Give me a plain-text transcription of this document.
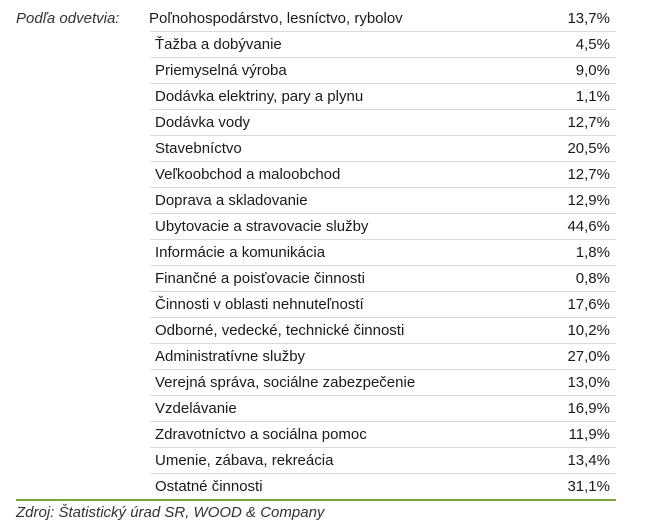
Podľa odvetvia: Poľnohospodárstvo, lesníctvo, rybolov	13,7%
Ťažba a dobývanie	4,5%
Priemyselná výroba	9,0%
Dodávka elektriny, pary a plynu	1,1%
Dodávka vody	12,7%
Stavebníctvo	20,5%
Veľkoobchod a maloobchod	12,7%
Doprava a skladovanie	12,9%
Ubytovacie a stravovacie služby	44,6%
Informácie a komunikácia	1,8%
Finančné a poisťovacie činnosti	0,8%
Činnosti v oblasti nehnuteľností	17,6%
Odborné, vedecké, technické činnosti	10,2%
Administratívne služby	27,0%
Verejná správa, sociálne zabezpečenie	13,0%
Vzdelávanie	16,9%
Zdravotníctvo a sociálna pomoc	11,9%
Umenie, zábava, rekreácia	13,4%
Ostatné činnosti	31,1%
Zdroj: Štatistický úrad SR, WOOD & Company
